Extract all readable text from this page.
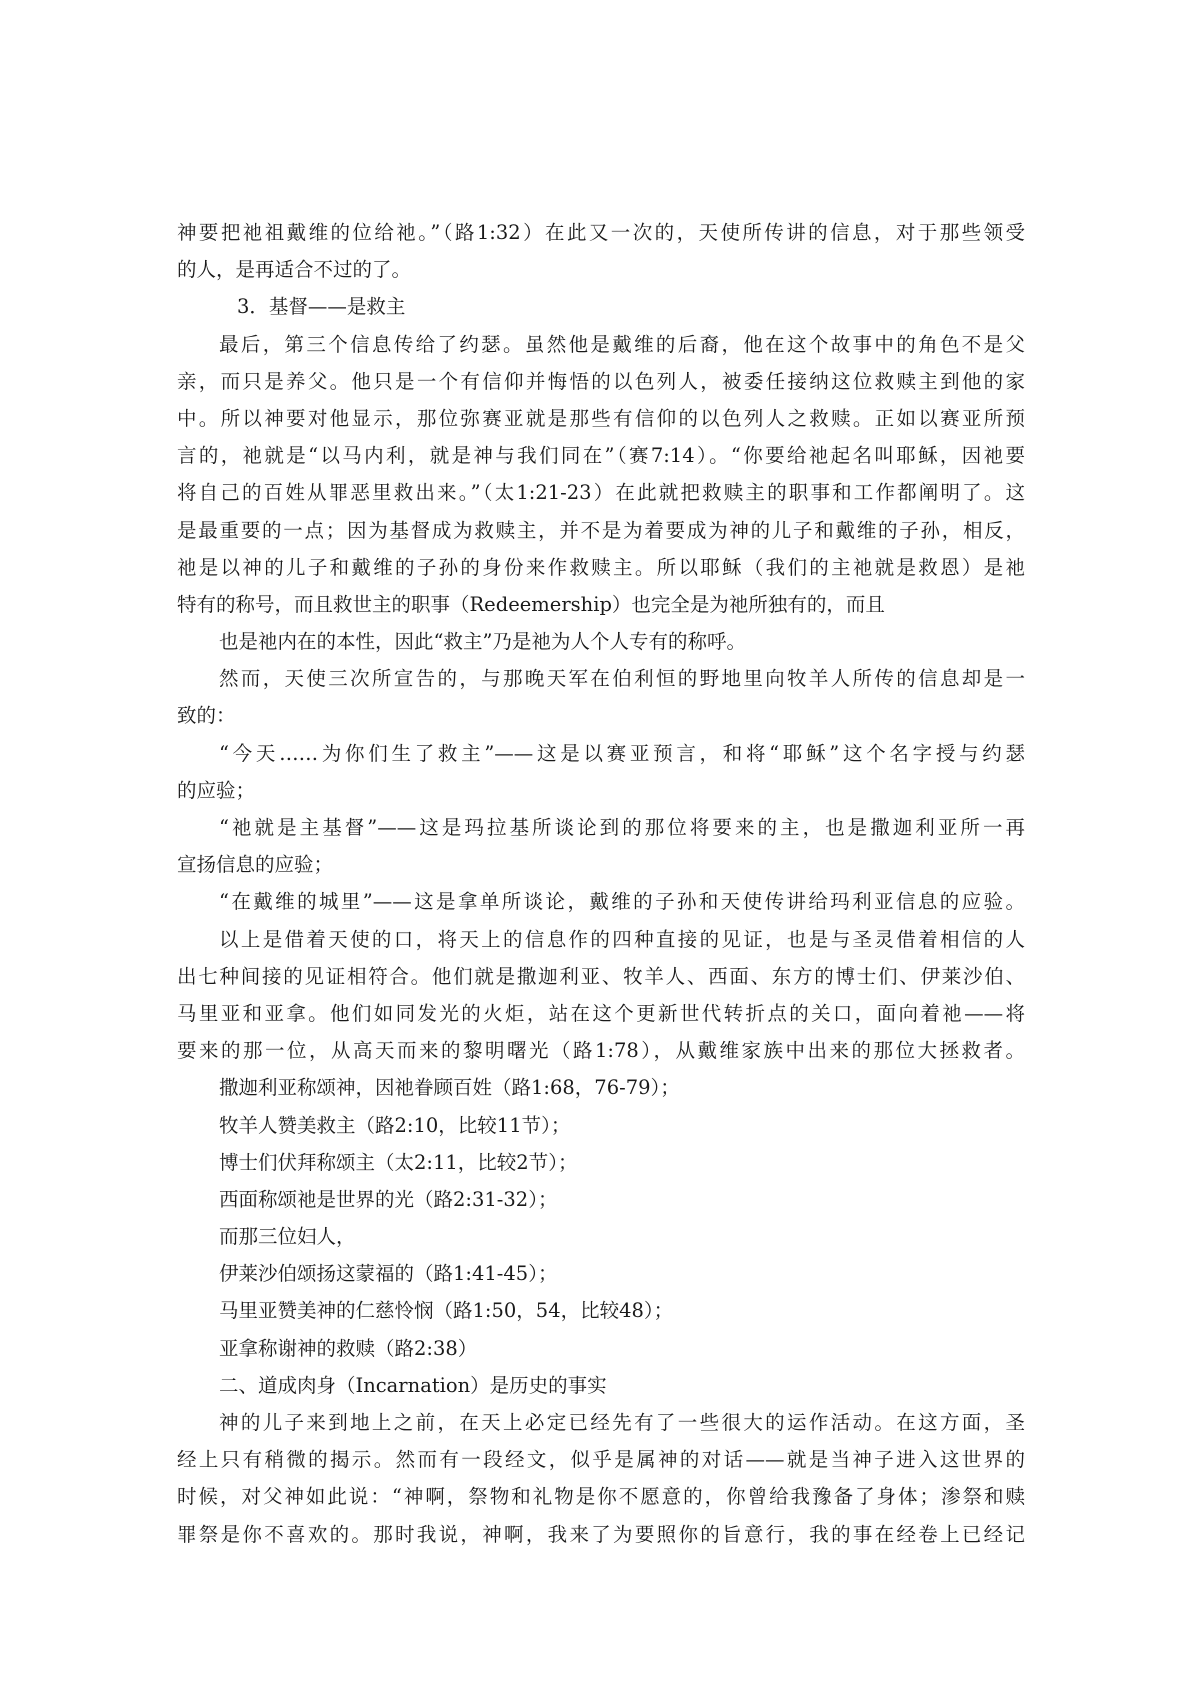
神要把祂祖戴维的位给祂。”（路1:32）在此又一次的，天使所传讲的信息，对于那些领受
的人，是再适合不过的了。
3．基督——是救主
最后，第三个信息传给了约瑟。虽然他是戴维的后裔，他在这个故事中的角色不是父
亲，而只是养父。他只是一个有信仰并悔悟的以色列人，被委任接纳这位救赎主到他的家
中。所以神要对他显示，那位弥赛亚就是那些有信仰的以色列人之救赎。正如以赛亚所预
言的，祂就是“以马内利，就是神与我们同在”（赛7:14）。“你要给祂起名叫耶稣，因祂要
将自己的百姓从罪恶里救出来。”（太1:21-23）在此就把救赎主的职事和工作都阐明了。这
是最重要的一点；因为基督成为救赎主，并不是为着要成为神的儿子和戴维的子孙，相反，
祂是以神的儿子和戴维的子孙的身份来作救赎主。所以耶稣（我们的主祂就是救恩）是祂
特有的称号，而且救世主的职事（Redeemership）也完全是为祂所独有的，而且
也是祂内在的本性，因此“救主”乃是祂为人个人专有的称呼。
然而，天使三次所宣告的，与那晚天军在伯利恒的野地里向牧羊人所传的信息却是一
致的：
“今天……为你们生了救主”——这是以赛亚预言，和将“耶稣”这个名字授与约瑟
的应验；
“祂就是主基督”——这是玛拉基所谈论到的那位将要来的主，也是撒迦利亚所一再
宣扬信息的应验；
“在戴维的城里”——这是拿单所谈论，戴维的子孙和天使传讲给玛利亚信息的应验。
以上是借着天使的口，将天上的信息作的四种直接的见证，也是与圣灵借着相信的人
出七种间接的见证相符合。他们就是撒迦利亚、牧羊人、西面、东方的博士们、伊莱沙伯、
马里亚和亚拿。他们如同发光的火炬，站在这个更新世代转折点的关口，面向着祂——将
要来的那一位，从高天而来的黎明曙光（路1:78），从戴维家族中出来的那位大拯救者。
撒迦利亚称颂神，因祂眷顾百姓（路1:68，76-79）；
牧羊人赞美救主（路2:10，比较11节）；
博士们伏拜称颂主（太2:11，比较2节）；
西面称颂祂是世界的光（路2:31-32）；
而那三位妇人，
伊莱沙伯颂扬这蒙福的（路1:41-45）；
马里亚赞美神的仁慈怜悯（路1:50，54，比较48）；
亚拿称谢神的救赎（路2:38）
二、道成肉身（Incarnation）是历史的事实
神的儿子来到地上之前，在天上必定已经先有了一些很大的运作活动。在这方面，圣
经上只有稍微的揭示。然而有一段经文，似乎是属神的对话——就是当神子进入这世界的
时候，对父神如此说：“神啊，祭物和礼物是你不愿意的，你曾给我豫备了身体；渗祭和赎
罪祭是你不喜欢的。那时我说，神啊，我来了为要照你的旨意行，我的事在经卷上已经记
